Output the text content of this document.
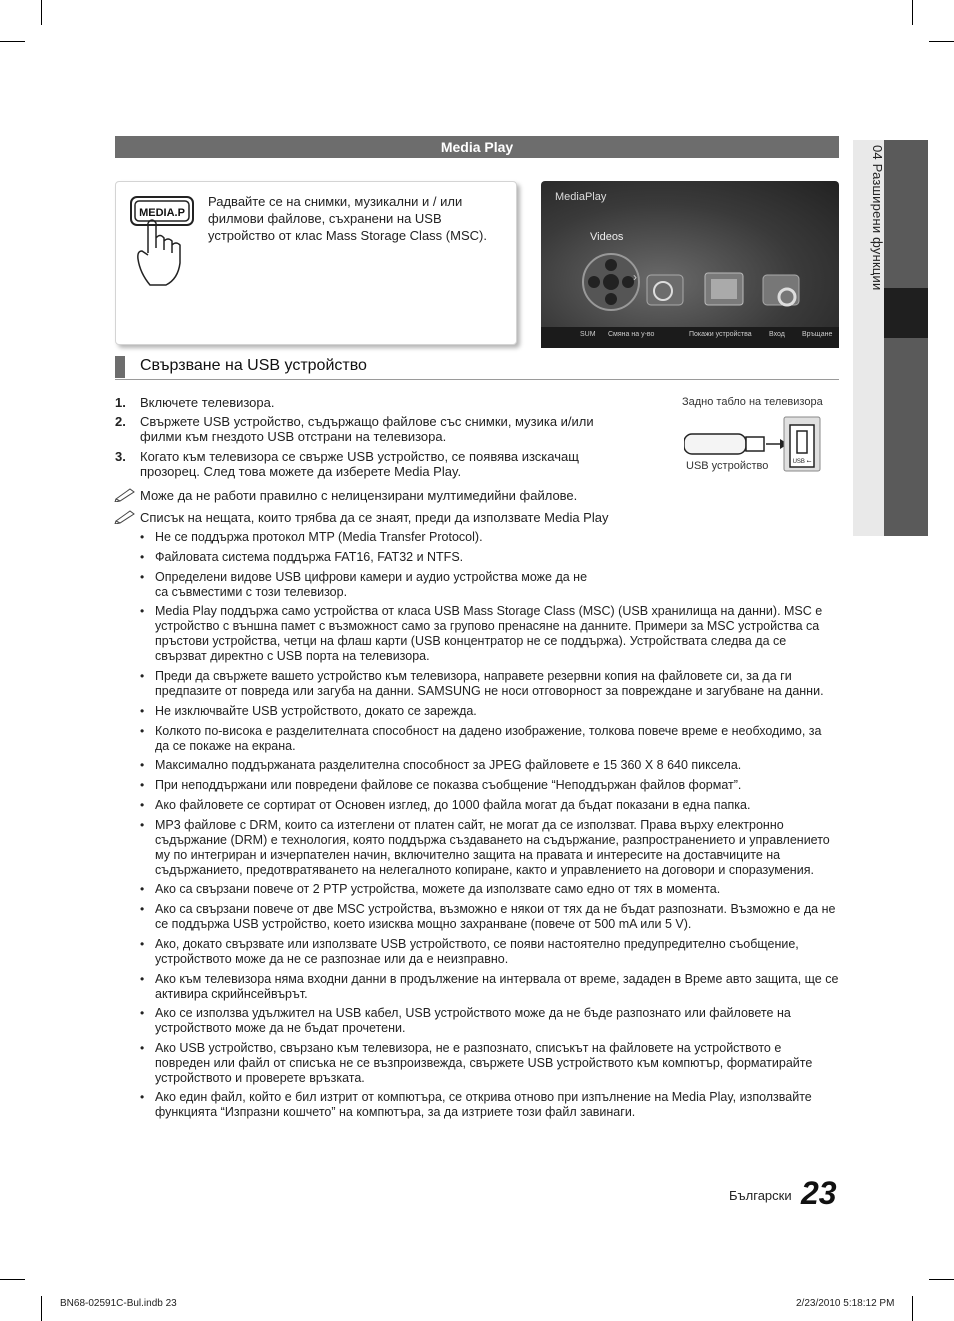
04 Разширени функции
Media Play
MEDIA.P
Радвайте се на снимки, музикални и / или филмови файлове, съхранени на USB устройство от клас Mass Storage Class (MSC).
›
MediaPlay
Videos
SUM Смяна на у-во	Покажи устройства Вход Връщане
Свързване на USB устройство
1. Включете телевизора.
2. Свържете USB устройство, съдържащо файлове със снимки, музика и/или филми към гнездото USB отстрани на телевизора.
3. Когато към телевизора се свърже USB устройство, се появява изскачащ прозорец. След това можете да изберете Media Play.
Задно табло на телевизора
USB ⭠
USB устройство
Може да не работи правилно с нелицензирани мултимедийни файлове.
Списък на нещата, които трябва да се знаят, преди да използвате Media Play
• Не се поддържа протокол MTP (Media Transfer Protocol).
• Файловата система поддържа FAT16, FAT32 и NTFS.
• Определени видове USB цифрови камери и аудио устройства може да не са съвместими с този телевизор.
• Media Play поддържа само устройства от класа USB Mass Storage Class (MSC) (USB хранилища на данни). MSC е устройство с външна памет с възможност само за групово пренасяне на данните. Примери за MSC устройства са пръстови устройства, четци на флаш карти (USB концентратор не се поддържа). Устройствата следва да се свързват директно с USB порта на телевизора.
• Преди да свържете вашето устройство към телевизора, направете резервни копия на файловете си, за да ги предпазите от повреда или загуба на данни. SAMSUNG не носи отговорност за повреждане и загубване на данни.
• Не изключвайте USB устройството, докато се зарежда.
• Колкото по-висока е разделителната способност на дадено изображение, толкова повече време е необходимо, за да се покаже на екрана.
• Максимално поддържаната разделителна способност за JPEG файловете е 15 360 X 8 640 пиксела.
• При неподдържани или повредени файлове се показва съобщение “Неподдържан файлов формат”.
• Ако файловете се сортират от Основен изглед, до 1000 файла могат да бъдат показани в една папка.
• MP3 файлове с DRM, които са изтеглени от платен сайт, не могат да се използват. Права върху електронно съдържание (DRM) е технология, която поддържа създаването на съдържание, разпространението и управлението му по интегриран и изчерпателен начин, включително защита на правата и интересите на доставчиците на съдържанието, предотвратяването на нелегалното копиране, както и управлението на договори и споразумения.
• Ако са свързани повече от 2 PTP устройства, можете да използвате само едно от тях в момента.
• Ако са свързани повече от две MSC устройства, възможно е някои от тях да не бъдат разпознати. Възможно е да не се поддържа USB устройство, което изисква мощно захранване (повече от 500 mA или 5 V).
• Ако, докато свързвате или използвате USB устройството, се появи настоятелно предупредително съобщение, устройството може да не се разпознае или да е неизправно.
• Ако към телевизора няма входни данни в продължение на интервала от време, зададен в Време авто защита, ще се активира скрийнсейвърът.
• Ако се използва удължител на USB кабел, USB устройството може да не бъде разпознато или файловете на устройството може да не бъдат прочетени.
• Ако USB устройство, свързано към телевизора, не е разпознато, списъкът на файловете на устройството е повреден или файл от списъка не се възпроизвежда, свържете USB устройството към компютър, форматирайте устройството и проверете връзката.
• Ако един файл, който е бил изтрит от компютъра, се открива отново при изпълнение на Media Play, използвайте функцията “Изпразни кошчето” на компютъра, за да изтриете този файл завинаги.
Български 23
BN68-02591C-Bul.indb 23	2/23/2010 5:18:12 PM
